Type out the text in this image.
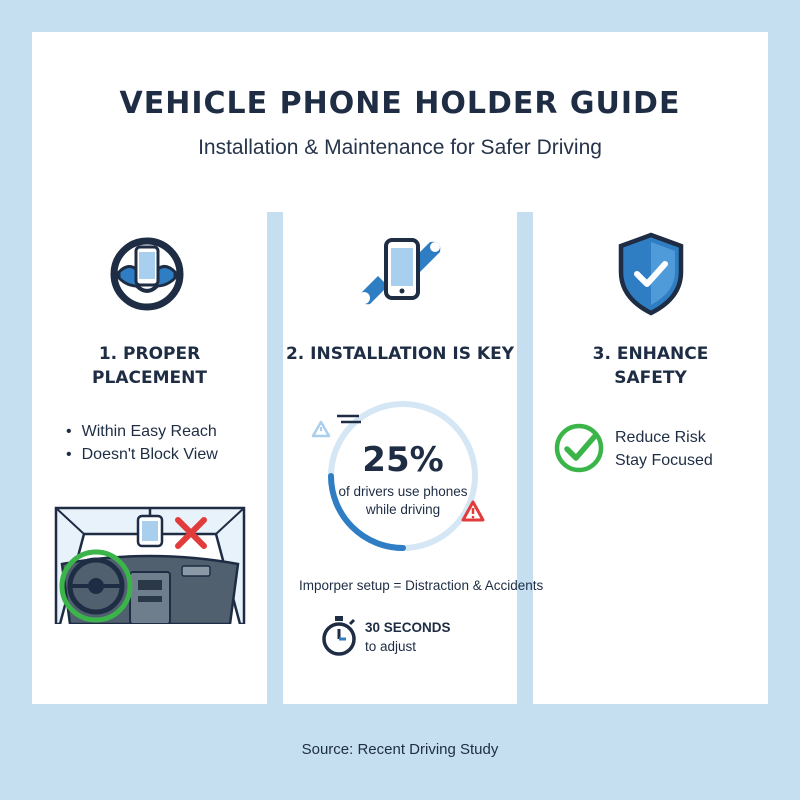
VEHICLE PHONE HOLDER GUIDE
Installation & Maintenance for Safer Driving
1. PROPER
PLACEMENT
• Within Easy Reach
• Doesn't Block View
2. INSTALLATION IS KEY
25%
of drivers use phones
while driving
Imporper setup = Distraction & Accidents
30 SECONDS
to adjust
3. ENHANCE
SAFETY
Reduce Risk
Stay Focused
Source: Recent Driving Study
